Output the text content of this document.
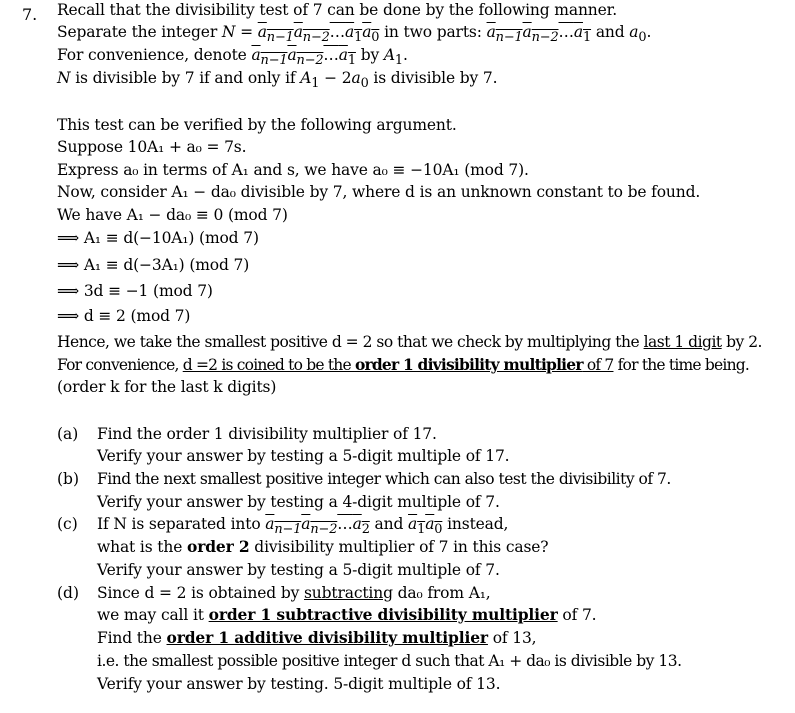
7. Recall that the divisibility test of 7 can be done by the following manner.
Separate the integer $N = a_{n-1}a_{n-2}\dots a_1a_0$ in two parts: $a_{n-1}a_{n-2}\dots a_1$ and $a_0$.
For convenience, denote $a_{n-1}a_{n-2}\dots a_1$ by $A_1$.
N is divisible by 7 if and only if $A_1 - 2a_0$ is divisible by 7.
This test can be verified by the following argument.
Suppose 10A₁ + a₀ = 7s.
Express a₀ in terms of A₁ and s, we have a₀ ≡ −10A₁ (mod 7).
Now, consider A₁ − da₀ divisible by 7, where d is an unknown constant to be found.
We have A₁ − da₀ ≡ 0 (mod 7)
⟹ A₁ ≡ d(−10A₁) (mod 7)
⟹ A₁ ≡ d(−3A₁) (mod 7)
⟹ 3d ≡ −1 (mod 7)
⟹ d ≡ 2 (mod 7)
Hence, we take the smallest positive d = 2 so that we check by multiplying the last 1 digit by 2.
For convenience, d =2 is coined to be the order 1 divisibility multiplier of 7 for the time being.
(order k for the last k digits)
(a) Find the order 1 divisibility multiplier of 17.
Verify your answer by testing a 5-digit multiple of 17.
(b) Find the next smallest positive integer which can also test the divisibility of 7.
Verify your answer by testing a 4-digit multiple of 7.
(c) If N is separated into $a_{n-1}a_{n-2}\dots a_2$ and $a_1a_0$ instead,
what is the order 2 divisibility multiplier of 7 in this case?
Verify your answer by testing a 5-digit multiple of 7.
(d) Since d = 2 is obtained by subtracting da₀ from A₁,
we may call it order 1 subtractive divisibility multiplier of 7.
Find the order 1 additive divisibility multiplier of 13,
i.e. the smallest possible positive integer d such that A₁ + da₀ is divisible by 13.
Verify your answer by testing. 5-digit multiple of 13.
